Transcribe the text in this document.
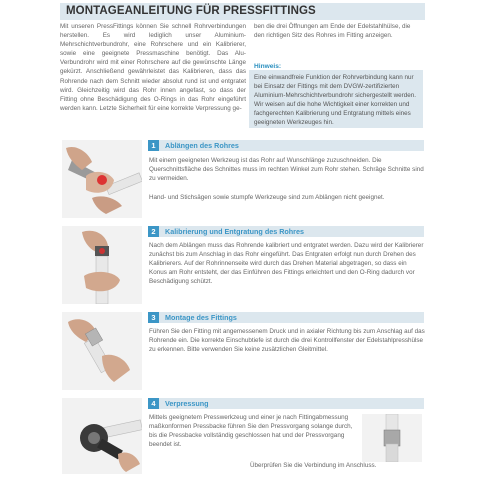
MONTAGEANLEITUNG FÜR PRESSFITTINGS
Mit unseren PressFittings können Sie schnell Rohrverbindungen herstellen. Es wird lediglich unser Aluminium-Mehrschichtverbundrohr, eine Rohrschere und ein Kalibrierer, sowie eine geeignete Pressmaschine benötigt. Das Alu-Verbundrohr wird mit einer Rohrschere auf die gewünschte Länge gekürzt. Anschließend gewährleistet das Kalibrieren, dass das Rohrende nach dem Schnitt wieder absolut rund ist und entgratet wird. Gleichzeitig wird das Rohr innen angefast, so dass der Fitting ohne Beschädigung des O-Rings in das Rohr eingeführt werden kann. Letzte Sicherheit für eine korrekte Verpressung ge-
ben die drei Öffnungen am Ende der Edelstahlhülse, die den richtigen Sitz des Rohres im Fitting anzeigen.
Hinweis:
Eine einwandfreie Funktion der Rohrverbindung kann nur bei Einsatz der Fittings mit dem DVGW-zertifizierten Aluminium-Mehrschichtverbundrohr sichergestellt werden. Wir weisen auf die hohe Wichtigkeit einer korrekten und fachgerechten Kalibrierung und Entgratung mittels eines geeigneten Werkzeuges hin.
1	Ablängen des Rohres
Mit einem geeigneten Werkzeug ist das Rohr auf Wunschlänge zuzuschneiden. Die Querschnittsfläche des Schnittes muss im rechten Winkel zum Rohr stehen. Schräge Schnitte sind zu vermeiden.
Hand- und Stichsägen sowie stumpfe Werkzeuge sind zum Ablängen nicht geeignet.
2	Kalibrierung und Entgratung des Rohres
Nach dem Ablängen muss das Rohrende kalibriert und entgratet werden. Dazu wird der Kalibrierer zunächst bis zum Anschlag in das Rohr eingeführt. Das Entgraten erfolgt nun durch Drehen des Kalibrierers. Auf der Rohrinnenseite wird durch das Drehen Material abgetragen, so dass ein Konus am Rohr entsteht, der das Einführen des Fittings erleichtert und den O-Ring dadurch vor Beschädigung schützt.
3	Montage des Fittings
Führen Sie den Fitting mit angemessenem Druck und in axialer Richtung bis zum Anschlag auf das Rohrende ein. Die korrekte Einschubtiefe ist durch die drei Kontrollfenster der Edelstahlpresshülse zu erkennen. Bitte verwenden Sie keine zusätzlichen Gleitmittel.
4	Verpressung
Mittels geeignetem Presswerkzeug und einer je nach Fittingabmessung maßkonformen Pressbacke führen Sie den Pressvorgang solange durch, bis die Pressbacke vollständig geschlossen hat und der Pressvorgang beendet ist.
Überprüfen Sie die Verbindung im Anschluss.
